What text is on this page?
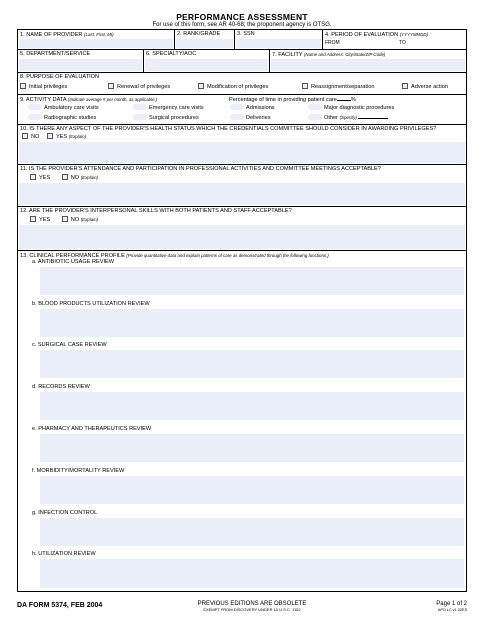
PERFORMANCE ASSESSMENT
For use of this form, see AR 40-68; the proponent agency is OTSG.
1. NAME OF PROVIDER (Last, First, MI)	2. RANK/GRADE	3. SSN	4. PERIOD OF EVALUATION (YYYYMMDD)
FROM	TO
5. DEPARTMENT/SERVICE	6. SPECIALTY/AOC	7. FACILITY (Name and Address: City/State/ZIP Code)
8. PURPOSE OF EVALUATION
Initial privileges	Renewal of privileges	Modification of privileges	Reassignment/separation	Adverse action
9. ACTIVITY DATA (Indicate average # per month, as applicable.)	Percentage of time in providing patient care	%
Ambulatory care visits	Emergency care visits	Admissions	Major diagnostic procedures
Radiographic studies	Surgical procedures	Deliveries	Other (Specify)
10. IS THERE ANY ASPECT OF THE PROVIDER'S HEALTH STATUS WHICH THE CREDENTIALS COMMITTEE SHOULD CONSIDER IN AWARDING PRIVILEGES? NO	YES (Explain)
11. IS THE PROVIDER'S ATTENDANCE AND PARTICIPATION IN PROFESSIONAL ACTIVITIES AND COMMITTEE MEETINGS ACCEPTABLE?
YES	NO (Explain)
12. ARE THE PROVIDER'S INTERPERSONAL SKILLS WITH BOTH PATIENTS AND STAFF ACCEPTABLE?
YES	NO (Explain)
13. CLINICAL PERFORMANCE PROFILE (Provide quantitative data and explain patterns of care as demonstrated through the following functions.)
a. ANTIBIOTIC USAGE REVIEW
b. BLOOD PRODUCTS UTILIZATION REVIEW
c. SURGICAL CASE REVIEW
d. RECORDS REVIEW
e. PHARMACY AND THERAPEUTICS REVIEW
f. MORBIDITY/MORTALITY REVIEW
g. INFECTION CONTROL
h. UTILIZATION REVIEW
DA FORM 5374, FEB 2004	PREVIOUS EDITIONS ARE OBSOLETE
EXEMPT FROM DISCOVERY UNDER 10 U.S.C. 1102
Page 1 of 2
APD LC v1.02ES
